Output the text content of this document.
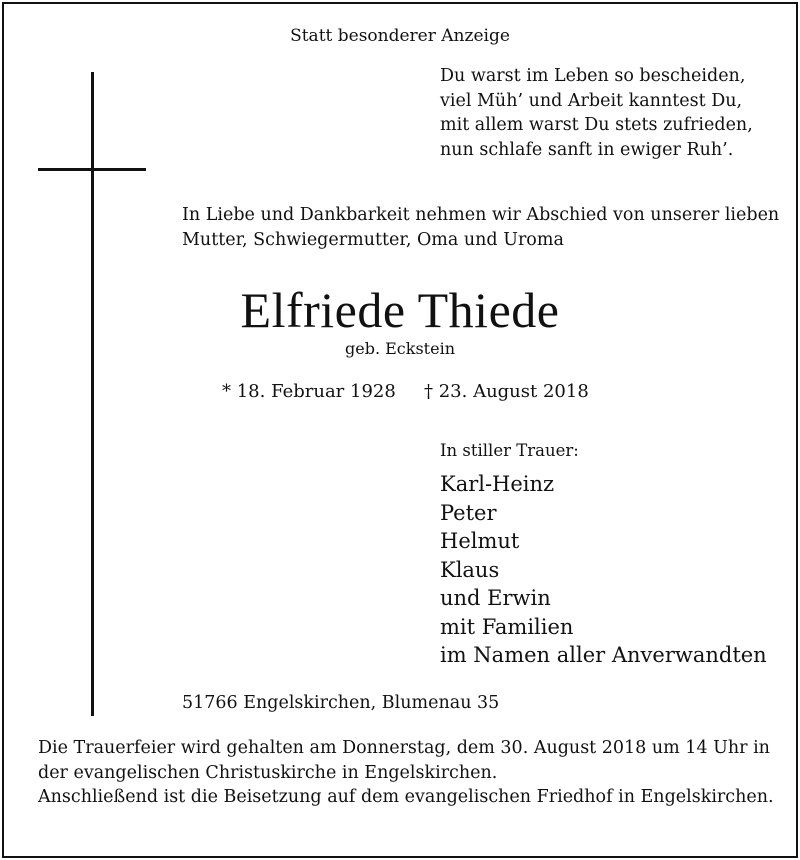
Statt besonderer Anzeige
Du warst im Leben so bescheiden,
viel Müh’ und Arbeit kanntest Du,
mit allem warst Du stets zufrieden,
nun schlafe sanft in ewiger Ruh’.
In Liebe und Dankbarkeit nehmen wir Abschied von unserer lieben
Mutter, Schwiegermutter, Oma und Uroma
Elfriede Thiede
geb. Eckstein
* 18. Februar 1928 † 23. August 2018
In stiller Trauer:
Karl-Heinz
Peter
Helmut
Klaus
und Erwin
mit Familien
im Namen aller Anverwandten
51766 Engelskirchen, Blumenau 35
Die Trauerfeier wird gehalten am Donnerstag, dem 30. August 2018 um 14 Uhr in
der evangelischen Christuskirche in Engelskirchen.
Anschließend ist die Beisetzung auf dem evangelischen Friedhof in Engelskirchen.
